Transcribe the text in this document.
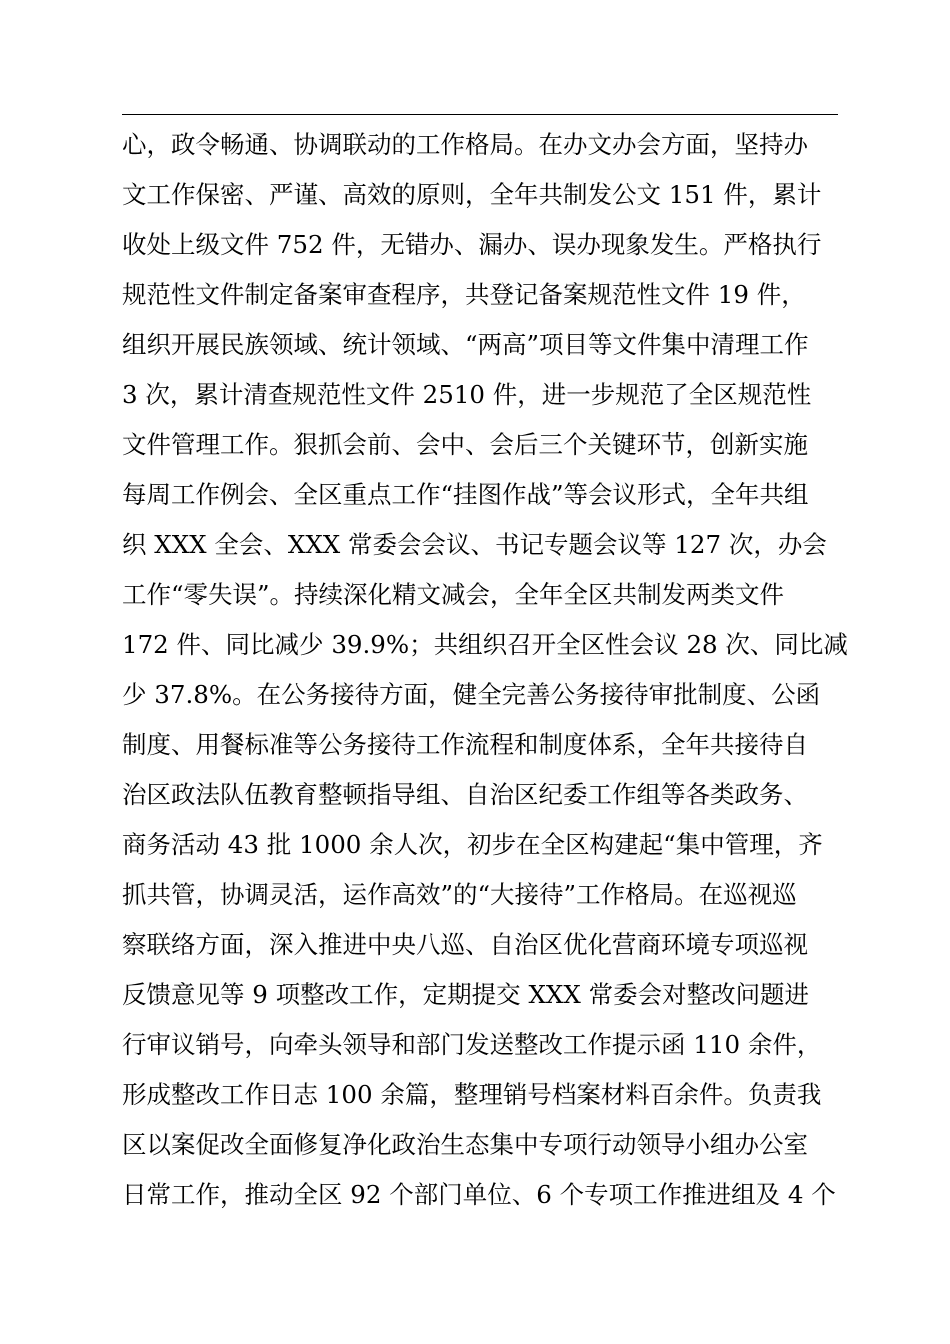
心，政令畅通、协调联动的工作格局。在办文办会方面，坚持办
文工作保密、严谨、高效的原则，全年共制发公文 151 件，累计
收处上级文件 752 件，无错办、漏办、误办现象发生。严格执行
规范性文件制定备案审查程序，共登记备案规范性文件 19 件，
组织开展民族领域、统计领域、“两高”项目等文件集中清理工作
3 次，累计清查规范性文件 2510 件，进一步规范了全区规范性
文件管理工作。狠抓会前、会中、会后三个关键环节，创新实施
每周工作例会、全区重点工作“挂图作战”等会议形式，全年共组
织 XXX 全会、XXX 常委会会议、书记专题会议等 127 次，办会
工作“零失误”。持续深化精文减会，全年全区共制发两类文件
172 件、同比减少 39.9%；共组织召开全区性会议 28 次、同比减
少 37.8%。在公务接待方面，健全完善公务接待审批制度、公函
制度、用餐标准等公务接待工作流程和制度体系，全年共接待自
治区政法队伍教育整顿指导组、自治区纪委工作组等各类政务、
商务活动 43 批 1000 余人次，初步在全区构建起“集中管理，齐
抓共管，协调灵活，运作高效”的“大接待”工作格局。在巡视巡
察联络方面，深入推进中央八巡、自治区优化营商环境专项巡视
反馈意见等 9 项整改工作，定期提交 XXX 常委会对整改问题进
行审议销号，向牵头领导和部门发送整改工作提示函 110 余件，
形成整改工作日志 100 余篇，整理销号档案材料百余件。负责我
区以案促改全面修复净化政治生态集中专项行动领导小组办公室
日常工作，推动全区 92 个部门单位、6 个专项工作推进组及 4 个
